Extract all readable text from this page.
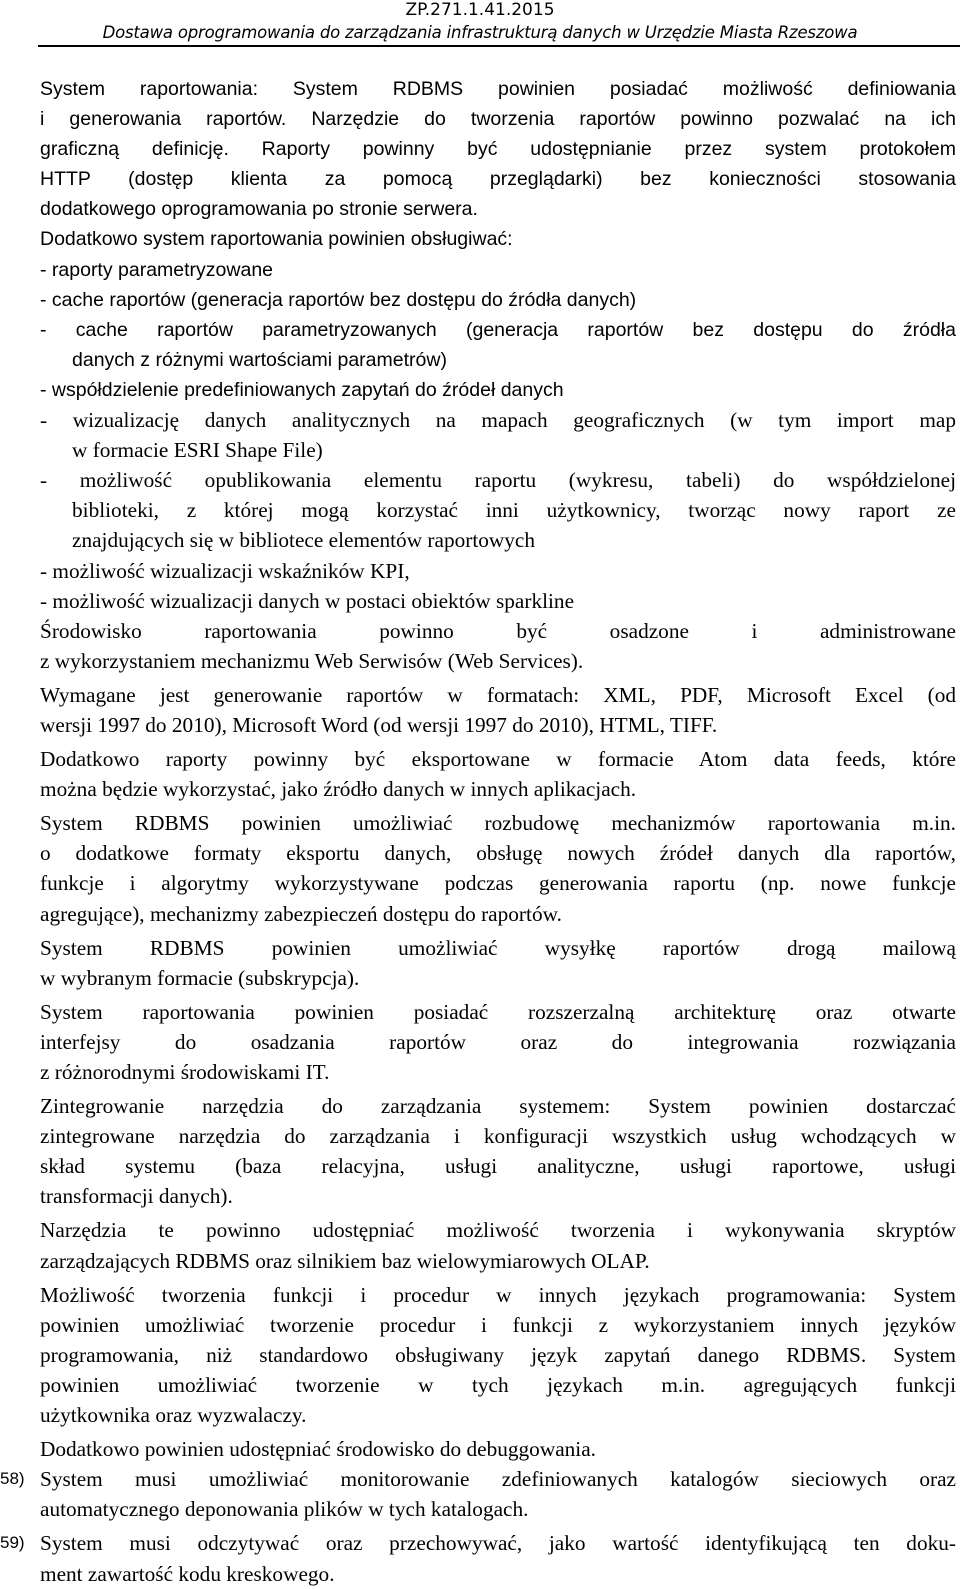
ZP.271.1.41.2015
Dostawa oprogramowania do zarządzania infrastrukturą danych w Urzędzie Miasta Rzeszowa
System raportowania: System RDBMS powinien posiadać możliwość definiowania
i generowania raportów. Narzędzie do tworzenia raportów powinno pozwalać na ich
graficzną definicję. Raporty powinny być udostępnianie przez system protokołem
HTTP (dostęp klienta za pomocą przeglądarki) bez konieczności stosowania
dodatkowego oprogramowania po stronie serwera.
Dodatkowo system raportowania powinien obsługiwać:
- raporty parametryzowane
- cache raportów (generacja raportów bez dostępu do źródła danych)
- cache raportów parametryzowanych (generacja raportów bez dostępu do źródła
danych z różnymi wartościami parametrów)
- współdzielenie predefiniowanych zapytań do źródeł danych
- wizualizację danych analitycznych na mapach geograficznych (w tym import map
w formacie ESRI Shape File)
- możliwość opublikowania elementu raportu (wykresu, tabeli) do współdzielonej
biblioteki, z której mogą korzystać inni użytkownicy, tworząc nowy raport ze
znajdujących się w bibliotece elementów raportowych
- możliwość wizualizacji wskaźników KPI,
- możliwość wizualizacji danych w postaci obiektów sparkline
Środowisko raportowania powinno być osadzone i administrowane
z wykorzystaniem mechanizmu Web Serwisów (Web Services).
Wymagane jest generowanie raportów w formatach: XML, PDF, Microsoft Excel (od
wersji 1997 do 2010), Microsoft Word (od wersji 1997 do 2010), HTML, TIFF.
Dodatkowo raporty powinny być eksportowane w formacie Atom data feeds, które
można będzie wykorzystać, jako źródło danych w innych aplikacjach.
System RDBMS powinien umożliwiać rozbudowę mechanizmów raportowania m.in.
o dodatkowe formaty eksportu danych, obsługę nowych źródeł danych dla raportów,
funkcje i algorytmy wykorzystywane podczas generowania raportu (np. nowe funkcje
agregujące), mechanizmy zabezpieczeń dostępu do raportów.
System RDBMS powinien umożliwiać wysyłkę raportów drogą mailową
w wybranym formacie (subskrypcja).
System raportowania powinien posiadać rozszerzalną architekturę oraz otwarte
interfejsy do osadzania raportów oraz do integrowania rozwiązania
z różnorodnymi środowiskami IT.
Zintegrowanie narzędzia do zarządzania systemem: System powinien dostarczać
zintegrowane narzędzia do zarządzania i konfiguracji wszystkich usług wchodzących w
skład systemu (baza relacyjna, usługi analityczne, usługi raportowe, usługi
transformacji danych).
Narzędzia te powinno udostępniać możliwość tworzenia i wykonywania skryptów
zarządzających RDBMS oraz silnikiem baz wielowymiarowych OLAP.
Możliwość tworzenia funkcji i procedur w innych językach programowania: System
powinien umożliwiać tworzenie procedur i funkcji z wykorzystaniem innych języków
programowania, niż standardowo obsługiwany język zapytań danego RDBMS. System
powinien umożliwiać tworzenie w tych językach m.in. agregujących funkcji
użytkownika oraz wyzwalaczy.
Dodatkowo powinien udostępniać środowisko do debuggowania.
58) System musi umożliwiać monitorowanie zdefiniowanych katalogów sieciowych oraz
automatycznego deponowania plików w tych katalogach.
59) System musi odczytywać oraz przechowywać, jako wartość identyfikującą ten doku-
ment zawartość kodu kreskowego.
